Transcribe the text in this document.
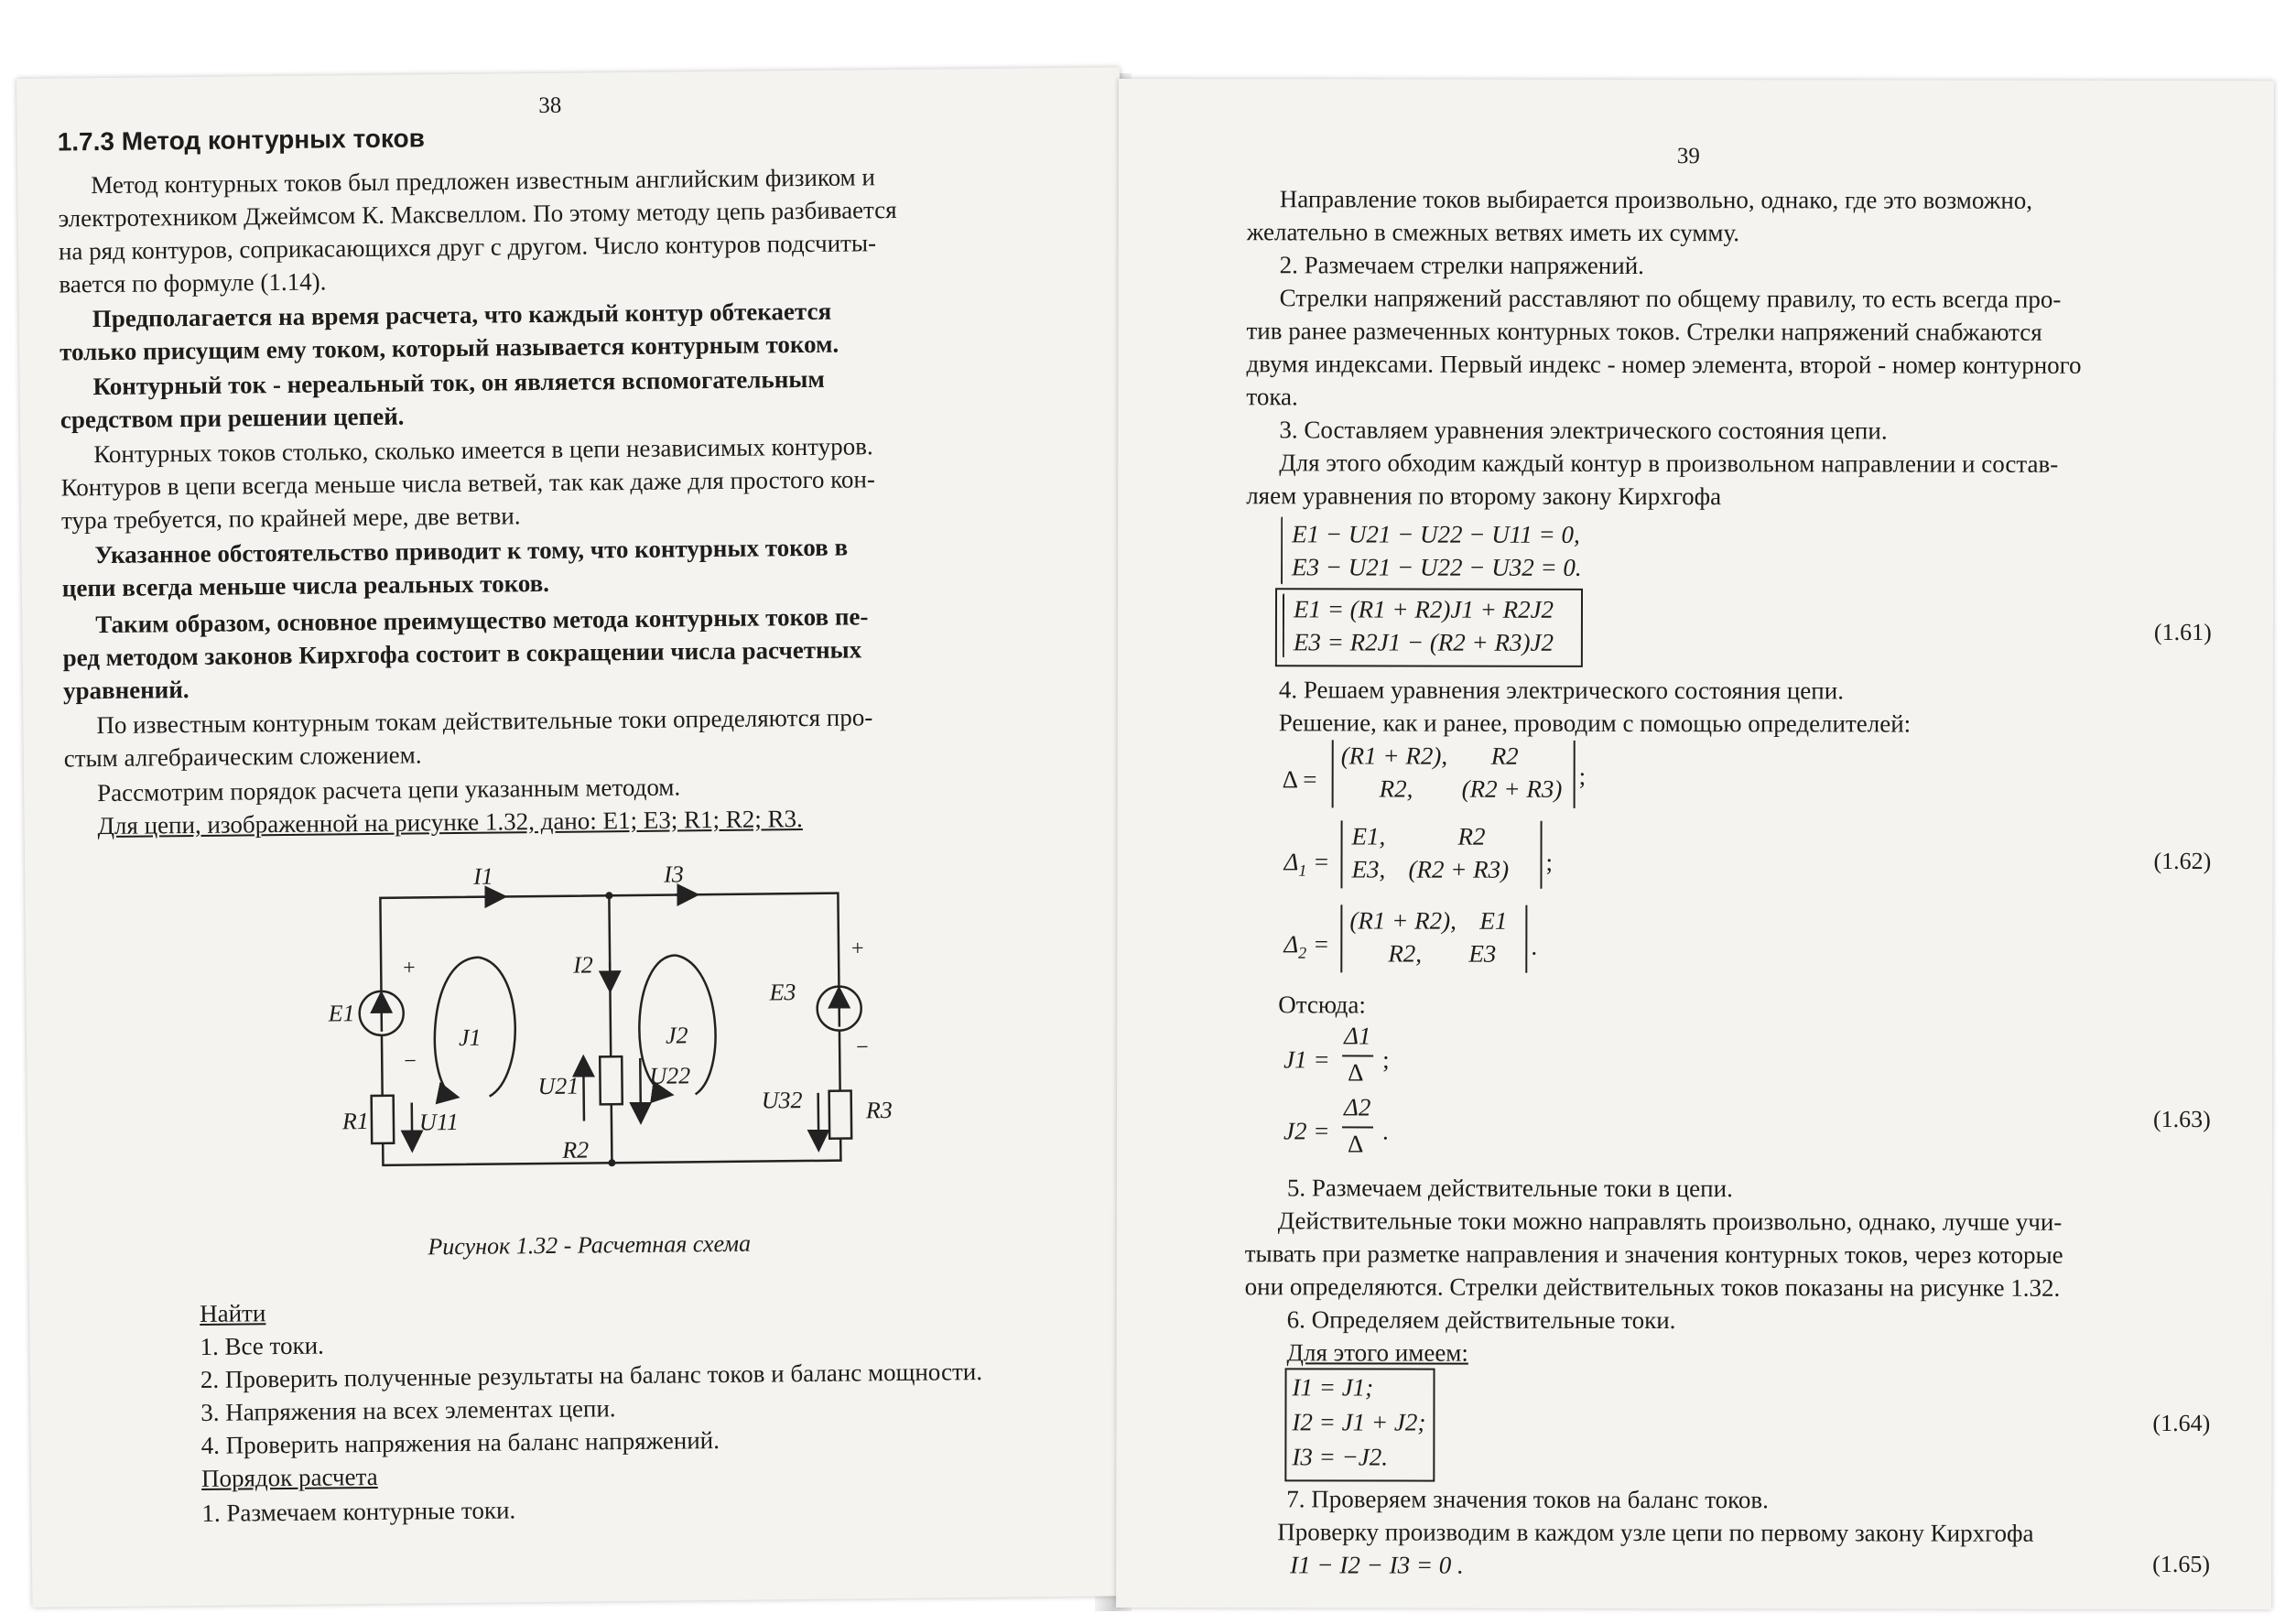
38
1.7.3 Метод контурных токов
Метод контурных токов был предложен известным английским физиком и
электротехником Джеймсом К. Максвеллом. По этому методу цепь разбивается
на ряд контуров, соприкасающихся друг с другом. Число контуров подсчиты-
вается по формуле (1.14).
Предполагается на время расчета, что каждый контур обтекается
только присущим ему током, который называется контурным током.
Контурный ток - нереальный ток, он является вспомогательным
средством при решении цепей.
Контурных токов столько, сколько имеется в цепи независимых контуров.
Контуров в цепи всегда меньше числа ветвей, так как даже для простого кон-
тура требуется, по крайней мере, две ветви.
Указанное обстоятельство приводит к тому, что контурных токов в
цепи всегда меньше числа реальных токов.
Таким образом, основное преимущество метода контурных токов пе-
ред методом законов Кирхгофа состоит в сокращении числа расчетных
уравнений.
По известным контурным токам действительные токи определяются про-
стым алгебраическим сложением.
Рассмотрим порядок расчета цепи указанным методом.
Для цепи, изображенной на рисунке 1.32, дано: E1; E3; R1; R2; R3.
I1	I3
I2
E1
E3
J1	J2
R1
R2
R3
U11
U21	U22
U32
+
−
+
−
Рисунок 1.32 - Расчетная схема
Найти
1. Все токи.
2. Проверить полученные результаты на баланс токов и баланс мощности.
3. Напряжения на всех элементах цепи.
4. Проверить напряжения на баланс напряжений.
Порядок расчета
1. Размечаем контурные токи.
39
Направление токов выбирается произвольно, однако, где это возможно,
желательно в смежных ветвях иметь их сумму.
2. Размечаем стрелки напряжений.
Стрелки напряжений расставляют по общему правилу, то есть всегда про-
тив ранее размеченных контурных токов. Стрелки напряжений снабжаются
двумя индексами. Первый индекс - номер элемента, второй - номер контурного
тока.
3. Составляем уравнения электрического состояния цепи.
Для этого обходим каждый контур в произвольном направлении и состав-
ляем уравнения по второму закону Кирхгофа
E1 − U21 − U22 − U11 = 0,
E3 − U21 − U22 − U32 = 0.
E1 = (R1 + R2)J1 + R2J2
E3 = R2J1 − (R2 + R3)J2	(1.61)
4. Решаем уравнения электрического состояния цепи.
Решение, как и ранее, проводим с помощью определителей:
Δ =
(R1 + R2), R2
R2, (R2 + R3) ;
$\Delta_1$ =
E1,	R2
E3, (R2 + R3) ;	(1.62)
$\Delta_2$ =
(R1 + R2), E1
R2, E3 .
Отсюда:
J1 =
Δ1
Δ ;
J2 =
Δ2
Δ .	(1.63)
5. Размечаем действительные токи в цепи.
Действительные токи можно направлять произвольно, однако, лучше учи-
тывать при разметке направления и значения контурных токов, через которые
они определяются. Стрелки действительных токов показаны на рисунке 1.32.
6. Определяем действительные токи.
Для этого имеем:
I1 = J1;
I2 = J1 + J2;
I3 = −J2.
(1.64)
7. Проверяем значения токов на баланс токов.
Проверку производим в каждом узле цепи по первому закону Кирхгофа
I1 − I2 − I3 = 0 .	(1.65)
